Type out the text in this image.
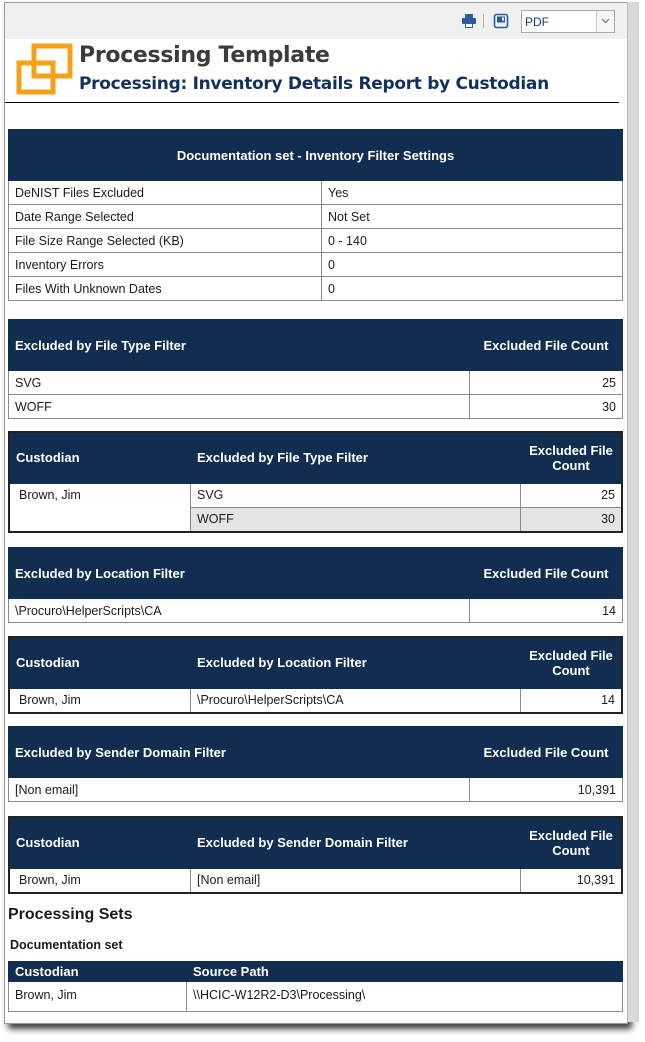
PDF
Processing Template
Processing: Inventory Details Report by Custodian
Documentation set - Inventory Filter Settings	
DeNIST Files Excluded	Yes
Date Range Selected	Not Set
File Size Range Selected (KB)	0 - 140
Inventory Errors	0
Files With Unknown Dates	0
Excluded by File Type Filter	Excluded File Count
SVG	25
WOFF	30
Custodian	Excluded by File Type Filter	Excluded File Count
Brown, Jim	SVG	25
	WOFF	30
Excluded by Location Filter	Excluded File Count
\Procuro\HelperScripts\CA	14
Custodian	Excluded by Location Filter	Excluded File Count
Brown, Jim	\Procuro\HelperScripts\CA	14
Excluded by Sender Domain Filter	Excluded File Count
[Non email]	10,391
Custodian	Excluded by Sender Domain Filter	Excluded File Count
Brown, Jim	[Non email]	10,391
Processing Sets
Documentation set
Custodian	Source Path
Brown, Jim	\\HCIC-W12R2-D3\Processing\
